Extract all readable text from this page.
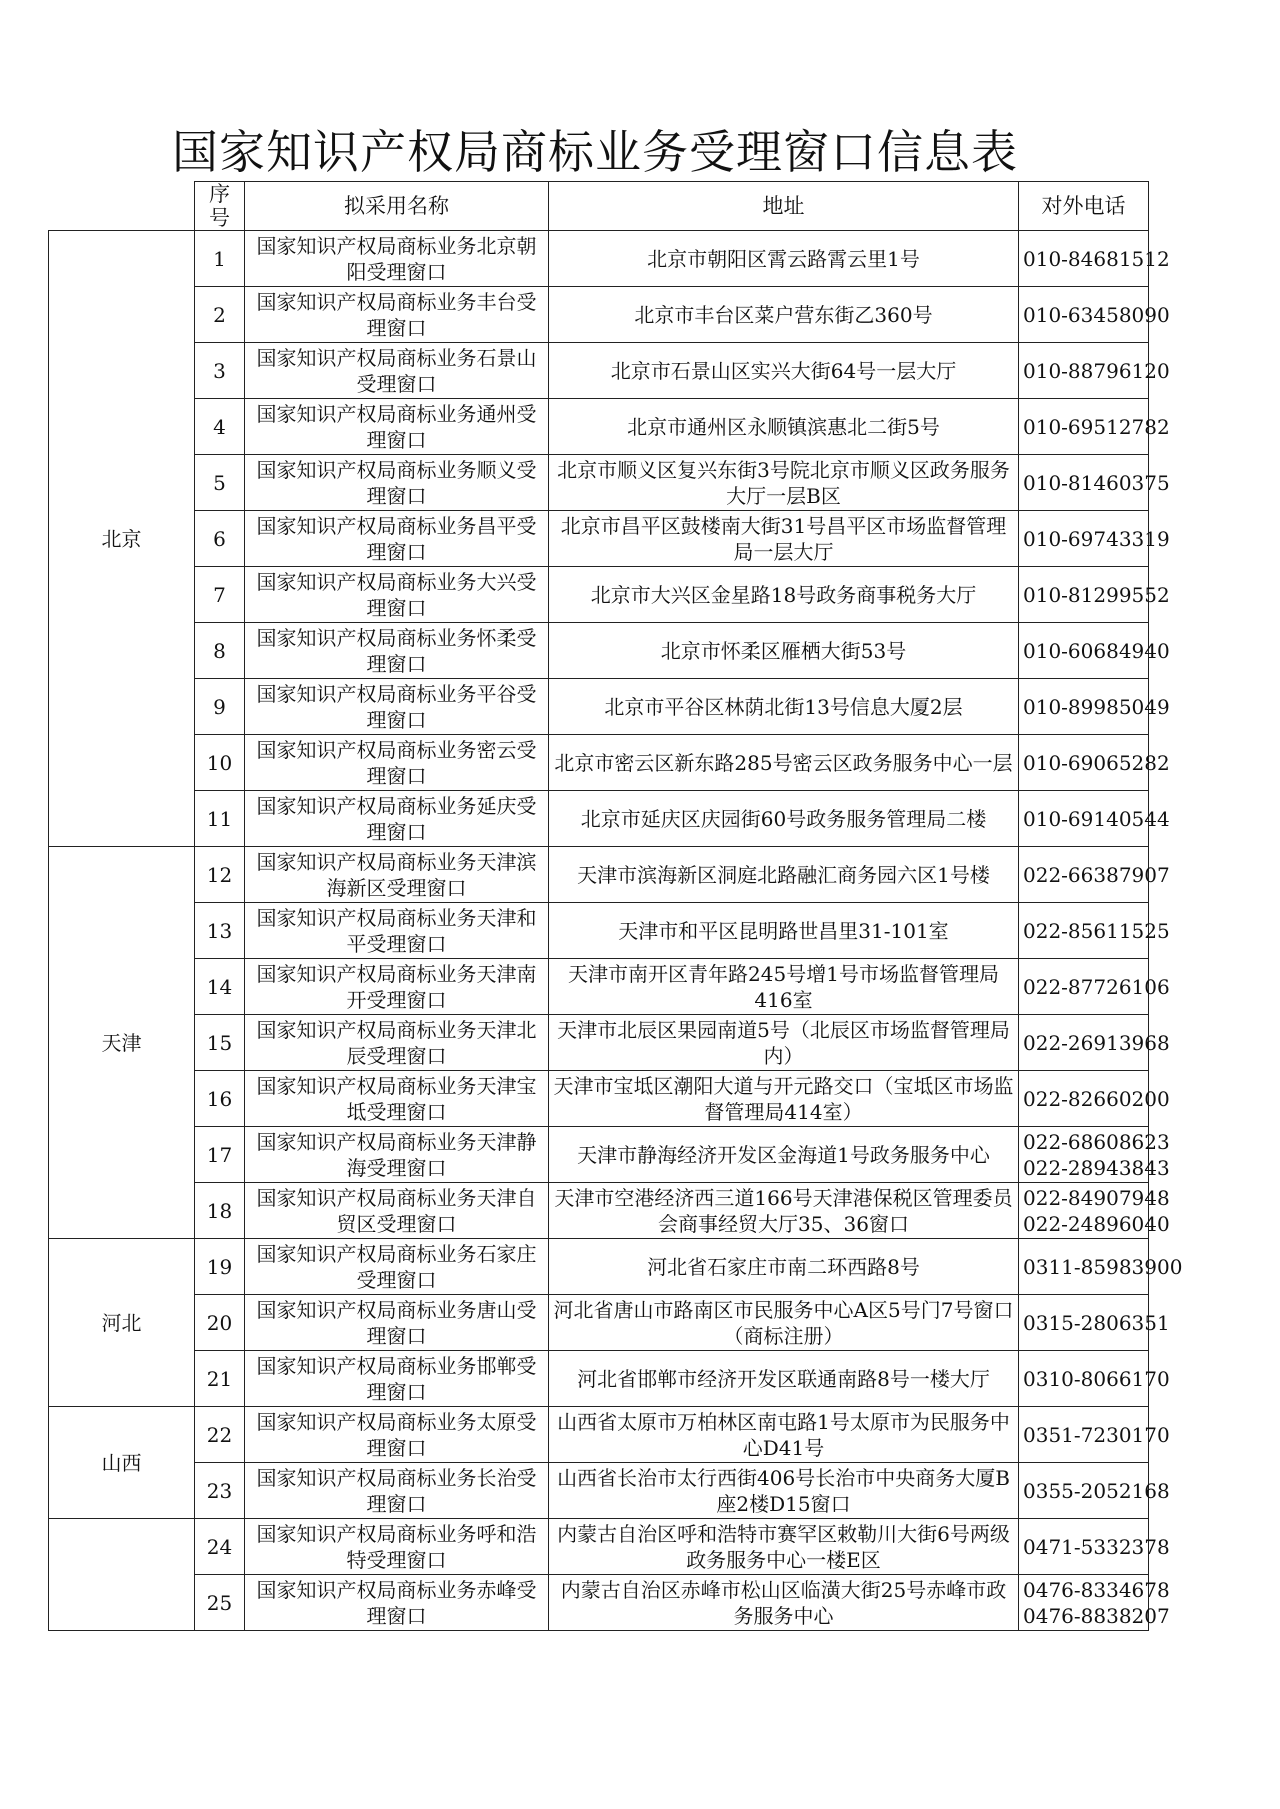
国家知识产权局商标业务受理窗口信息表
	序号	拟采用名称	地址	对外电话
北京	1	国家知识产权局商标业务北京朝阳受理窗口	北京市朝阳区霄云路霄云里1号	010-84681512

	2	国家知识产权局商标业务丰台受理窗口	北京市丰台区菜户营东街乙360号	010-63458090

	3	国家知识产权局商标业务石景山受理窗口	北京市石景山区实兴大街64号一层大厅	010-88796120

	4	国家知识产权局商标业务通州受理窗口	北京市通州区永顺镇滨惠北二街5号	010-69512782

	5	国家知识产权局商标业务顺义受理窗口	北京市顺义区复兴东街3号院北京市顺义区政务服务大厅一层B区	010-81460375

	6	国家知识产权局商标业务昌平受理窗口	北京市昌平区鼓楼南大街31号昌平区市场监督管理局一层大厅	010-69743319

	7	国家知识产权局商标业务大兴受理窗口	北京市大兴区金星路18号政务商事税务大厅	010-81299552

	8	国家知识产权局商标业务怀柔受理窗口	北京市怀柔区雁栖大街53号	010-60684940

	9	国家知识产权局商标业务平谷受理窗口	北京市平谷区林荫北街13号信息大厦2层	010-89985049

	10	国家知识产权局商标业务密云受理窗口	北京市密云区新东路285号密云区政务服务中心一层	010-69065282

	11	国家知识产权局商标业务延庆受理窗口	北京市延庆区庆园街60号政务服务管理局二楼	010-69140544

天津	12	国家知识产权局商标业务天津滨海新区受理窗口	天津市滨海新区洞庭北路融汇商务园六区1号楼	022-66387907

	13	国家知识产权局商标业务天津和平受理窗口	天津市和平区昆明路世昌里31-101室	022-85611525

	14	国家知识产权局商标业务天津南开受理窗口	天津市南开区青年路245号增1号市场监督管理局416室	022-87726106

	15	国家知识产权局商标业务天津北辰受理窗口	天津市北辰区果园南道5号（北辰区市场监督管理局内）	022-26913968

	16	国家知识产权局商标业务天津宝坻受理窗口	天津市宝坻区潮阳大道与开元路交口（宝坻区市场监督管理局414室）	022-82660200

	17	国家知识产权局商标业务天津静海受理窗口	天津市静海经济开发区金海道1号政务服务中心	022-68608623
022-28943843

	18	国家知识产权局商标业务天津自贸区受理窗口	天津市空港经济西三道166号天津港保税区管理委员会商事经贸大厅35、36窗口	022-84907948
022-24896040

河北	19	国家知识产权局商标业务石家庄受理窗口	河北省石家庄市南二环西路8号	0311-85983900

	20	国家知识产权局商标业务唐山受理窗口	河北省唐山市路南区市民服务中心A区5号门7号窗口（商标注册）	0315-2806351

	21	国家知识产权局商标业务邯郸受理窗口	河北省邯郸市经济开发区联通南路8号一楼大厅	0310-8066170

山西	22	国家知识产权局商标业务太原受理窗口	山西省太原市万柏林区南屯路1号太原市为民服务中心D41号	0351-7230170

	23	国家知识产权局商标业务长治受理窗口	山西省长治市太行西街406号长治市中央商务大厦B座2楼D15窗口	0355-2052168

	24	国家知识产权局商标业务呼和浩特受理窗口	内蒙古自治区呼和浩特市赛罕区敕勒川大街6号两级政务服务中心一楼E区	0471-5332378

	25	国家知识产权局商标业务赤峰受理窗口	内蒙古自治区赤峰市松山区临潢大街25号赤峰市政务服务中心	0476-8334678
0476-8838207
